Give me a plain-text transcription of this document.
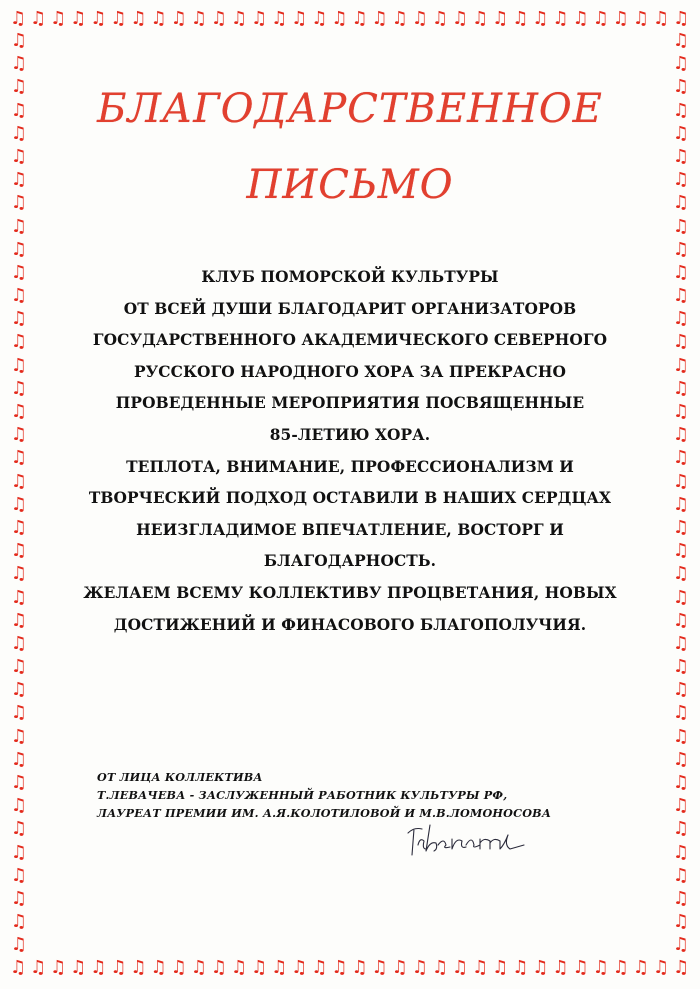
♫ ♫ ♫ ♫ ♫ ♫ ♫ ♫ ♫ ♫ ♫ ♫ ♫ ♫ ♫ ♫ ♫ ♫ ♫ ♫ ♫ ♫ ♫ ♫ ♫ ♫ ♫ ♫ ♫ ♫ ♫ ♫ ♫ ♫
♫ ♫ ♫ ♫ ♫ ♫ ♫ ♫ ♫ ♫ ♫ ♫ ♫ ♫ ♫ ♫ ♫ ♫ ♫ ♫ ♫ ♫ ♫ ♫ ♫ ♫ ♫ ♫ ♫ ♫ ♫ ♫ ♫ ♫
♫
♫
♫
♫
♫
♫
♫
♫
♫
♫
♫
♫
♫
♫
♫
♫
♫
♫
♫
♫
♫
♫
♫
♫
♫
♫
♫
♫
♫
♫
♫
♫
♫
♫
♫
♫
♫
♫
♫
♫
♫
♫
♫
♫
♫
♫
♫
♫
♫
♫
♫
♫
♫
♫
♫
♫
♫
♫
♫
♫
♫
♫
♫
♫
♫
♫
♫
♫
♫
♫
♫
♫
♫
♫
♫
♫
♫
♫
♫
♫
БЛАГОДАРСТВЕННОЕ
ПИСЬМО
КЛУБ ПОМОРСКОЙ КУЛЬТУРЫ
ОТ ВСЕЙ ДУШИ БЛАГОДАРИТ ОРГАНИЗАТОРОВ
ГОСУДАРСТВЕННОГО АКАДЕМИЧЕСКОГО СЕВЕРНОГО
РУССКОГО НАРОДНОГО ХОРА ЗА ПРЕКРАСНО
ПРОВЕДЕННЫЕ МЕРОПРИЯТИЯ ПОСВЯЩЕННЫЕ
85-ЛЕТИЮ ХОРА.
ТЕПЛОТА, ВНИМАНИЕ, ПРОФЕССИОНАЛИЗМ И
ТВОРЧЕСКИЙ ПОДХОД ОСТАВИЛИ В НАШИХ СЕРДЦАХ
НЕИЗГЛАДИМОЕ ВПЕЧАТЛЕНИЕ, ВОСТОРГ И
БЛАГОДАРНОСТЬ.
ЖЕЛАЕМ ВСЕМУ КОЛЛЕКТИВУ ПРОЦВЕТАНИЯ, НОВЫХ
ДОСТИЖЕНИЙ И ФИНАСОВОГО БЛАГОПОЛУЧИЯ.
ОТ ЛИЦА КОЛЛЕКТИВА
Т.ЛЕВАЧЕВА - ЗАСЛУЖЕННЫЙ РАБОТНИК КУЛЬТУРЫ РФ,
ЛАУРЕАТ ПРЕМИИ ИМ. А.Я.КОЛОТИЛОВОЙ И М.В.ЛОМОНОСОВА
